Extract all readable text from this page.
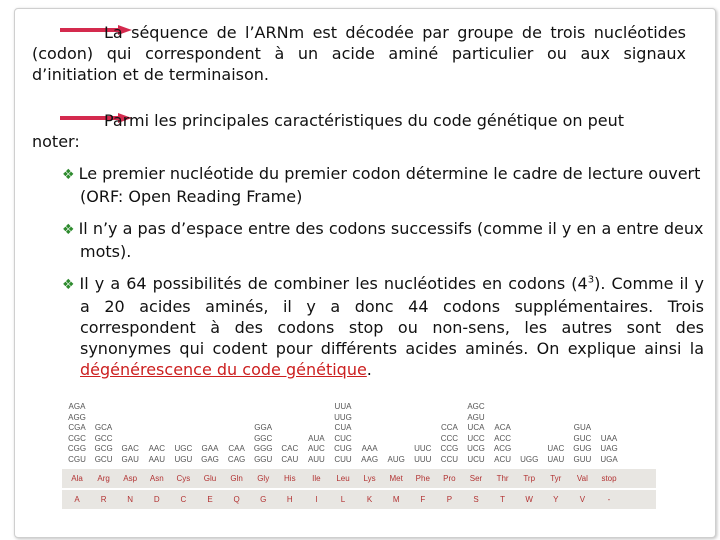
La séquence de l’ARNm est décodée par groupe de trois nucléotides (codon) qui correspondent à un acide aminé particulier ou aux signaux d’initiation et de terminaison.
Parmi les principales caractéristiques du code génétique on peut
noter:
❖ Le premier nucléotide du premier codon détermine le cadre de lecture ouvert (ORF: Open Reading Frame)
❖ Il n’y a pas d’espace entre des codons successifs (comme il y en a entre deux mots).
❖ Il y a 64 possibilités de combiner les nucléotides en codons $(4^3)$. Comme il y a 20 acides aminés, il y a donc 44 codons supplémentaires. Trois correspondent à des codons stop ou non-sens, les autres sont des synonymes qui codent pour différents acides aminés. On explique ainsi la dégénérescence du code génétique.
AGA
AGG
CGA
CGC
CGG
CGU
Ala
A
GCA
GCC
GCG
GCU
Arg
R
GAC
GAU
Asp
N
AAC
AAU
Asn
D
UGC
UGU
Cys
C
GAA
GAG
Glu
E
CAA
CAG
Gln
Q
GGA
GGC
GGG
GGU
Gly
G
CAC
CAU
His
H
AUA
AUC
AUU
Ile
I
UUA
UUG
CUA
CUC
CUG
CUU
Leu
L
AAA
AAG
Lys
K
AUG
Met
M
UUC
UUU
Phe
F
CCA
CCC
CCG
CCU
Pro
P
AGC
AGU
UCA
UCC
UCG
UCU
Ser
S
ACA
ACC
ACG
ACU
Thr
T
UGG
Trp
W
UAC
UAU
Tyr
Y
GUA
GUC
GUG
GUU
Val
V
UAA
UAG
UGA
stop
-
